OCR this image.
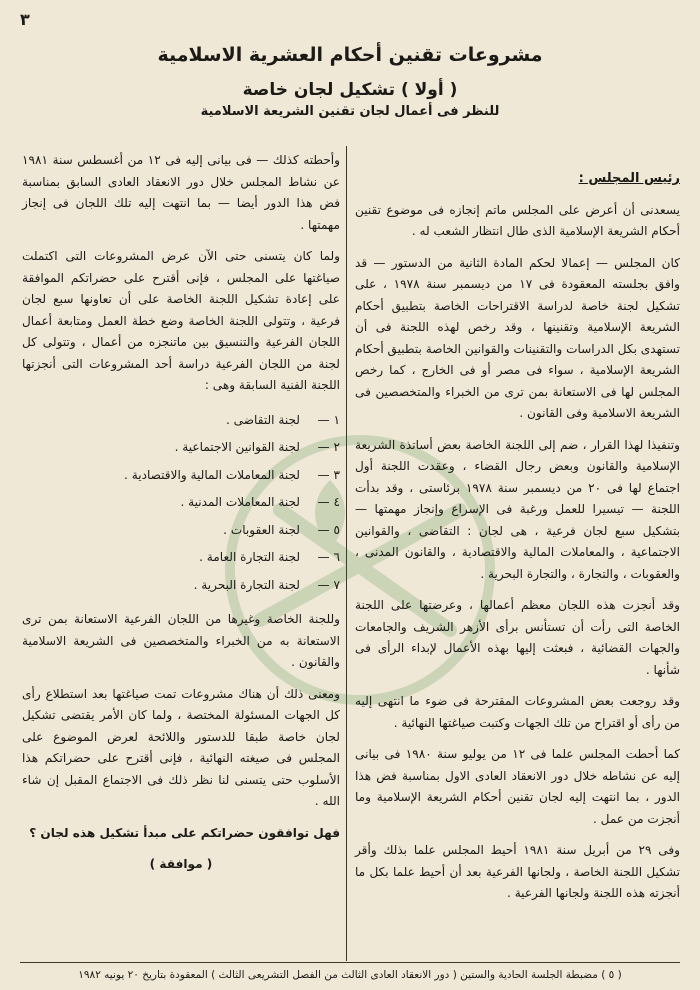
٣

مشروعات تقنين أحكام العشرية الاسلامية

( أولا ) تشكيل لجان خاصة

للنظر فى أعمال لجان تقنين الشريعة الاسلامية

رئيس المجلس :

يسعدنى أن أعرض على المجلس ماتم إنجازه فى موضوع تقنين أحكام الشريعة الإسلامية الذى طال انتظار الشعب له .

كان المجلس — إعمالا لحكم المادة الثانية من الدستور — قد وافق بجلسته المعقودة فى ١٧ من ديسمبر سنة ١٩٧٨ ، على تشكيل لجنة خاصة لدراسة الاقتراحات الخاصة بتطبيق أحكام الشريعة الإسلامية وتقنينها ، وقد رخص لهذه اللجنة فى أن تستهدى بكل الدراسات والتقنينات والقوانين الخاصة بتطبيق أحكام الشريعة الإسلامية ، سواء فى مصر أو فى الخارج ، كما رخص المجلس لها فى الاستعانة بمن ترى من الخبراء والمتخصصين فى الشريعة الاسلامية وفى القانون .

وتنفيذا لهذا القرار ، ضم إلى اللجنة الخاصة بعض أساتذة الشريعة الإسلامية والقانون وبعض رجال القضاء ، وعقدت اللجنة أول اجتماع لها فى ٢٠ من ديسمبر سنة ١٩٧٨ برئاستى ، وقد بدأت اللجنة — تيسيرا للعمل ورغبة فى الإسراع وإنجاز مهمتها — بتشكيل سبع لجان فرعية ، هى لجان : التقاضى ، والقوانين الاجتماعية ، والمعاملات المالية والاقتصادية ، والقانون المدنى ، والعقوبات ، والتجارة ، والتجارة البحرية .

وقد أنجزت هذه اللجان معظم أعمالها ، وعرضتها على اللجنة الخاصة التى رأت أن تستأنس برأى الأزهر الشريف والجامعات والجهات القضائية ، فبعثت إليها بهذه الأعمال لإبداء الرأى فى شأنها .

وقد روجعت بعض المشروعات المقترحة فى ضوء ما انتهى إليه من رأى أو اقتراح من تلك الجهات وكتبت صياغتها النهائية .

كما أحطت المجلس علما فى ١٢ من يوليو سنة ١٩٨٠ فى بيانى إليه عن نشاطه خلال دور الانعقاد العادى الاول بمناسبة فض هذا الدور ، بما انتهت إليه لجان تقنين أحكام الشريعة الإسلامية وما أنجزت من عمل .

وفى ٢٩ من أبريل سنة ١٩٨١ أحيط المجلس علما بذلك وأقر تشكيل اللجنة الخاصة ، ولجانها الفرعية بعد أن أحيط علما بكل ما أنجزته هذه اللجنة ولجانها الفرعية .

وأحطته كذلك — فى بيانى إليه فى ١٢ من أغسطس سنة ١٩٨١ عن نشاط المجلس خلال دور الانعقاد العادى السابق بمناسبة فض هذا الدور أيضا — بما انتهت إليه تلك اللجان فى إنجاز مهمتها .

ولما كان يتسنى حتى الآن عرض المشروعات التى اكتملت صياغتها على المجلس ، فإنى أقترح على حضراتكم الموافقة على إعادة تشكيل اللجنة الخاصة على أن تعاونها سبع لجان فرعية ، وتتولى اللجنة الخاصة وضع خطة العمل ومتابعة أعمال اللجان الفرعية والتنسيق بين ماتنجزه من أعمال ، وتتولى كل لجنة من اللجان الفرعية دراسة أحد المشروعات التى أنجزتها اللجنة الفنية السابقة وهى :

١ —
لجنة التقاضى .
٢ —
لجنة القوانين الاجتماعية .
٣ —
لجنة المعاملات المالية والاقتصادية .
٤ —
لجنة المعاملات المدنية .
٥ —
لجنة العقوبات .
٦ —
لجنة التجارة العامة .
٧ —
لجنة التجارة البحرية .

وللجنة الخاصة وغيرها من اللجان الفرعية الاستعانة بمن ترى الاستعانة به من الخبراء والمتخصصين فى الشريعة الاسلامية والقانون .

ومعنى ذلك أن هناك مشروعات تمت صياغتها بعد استطلاع رأى كل الجهات المسئولة المختصة ، ولما كان الأمر يقتضى تشكيل لجان خاصة طبقا للدستور واللائحة لعرض الموضوع على المجلس فى صيغته النهائية ، فإنى أقترح على حضراتكم هذا الأسلوب حتى يتسنى لنا نظر ذلك فى الاجتماع المقبل إن شاء الله .

فهل توافقون حضراتكم على مبدأ تشكيل هذه لجان ؟

( موافقة )

( ٥ ) مضبطة الجلسة الحادية والستين ( دور الانعقاد العادى الثالث من الفصل التشريعى الثالث ) المعقودة بتاريخ ٢٠ يونيه ١٩٨٢
